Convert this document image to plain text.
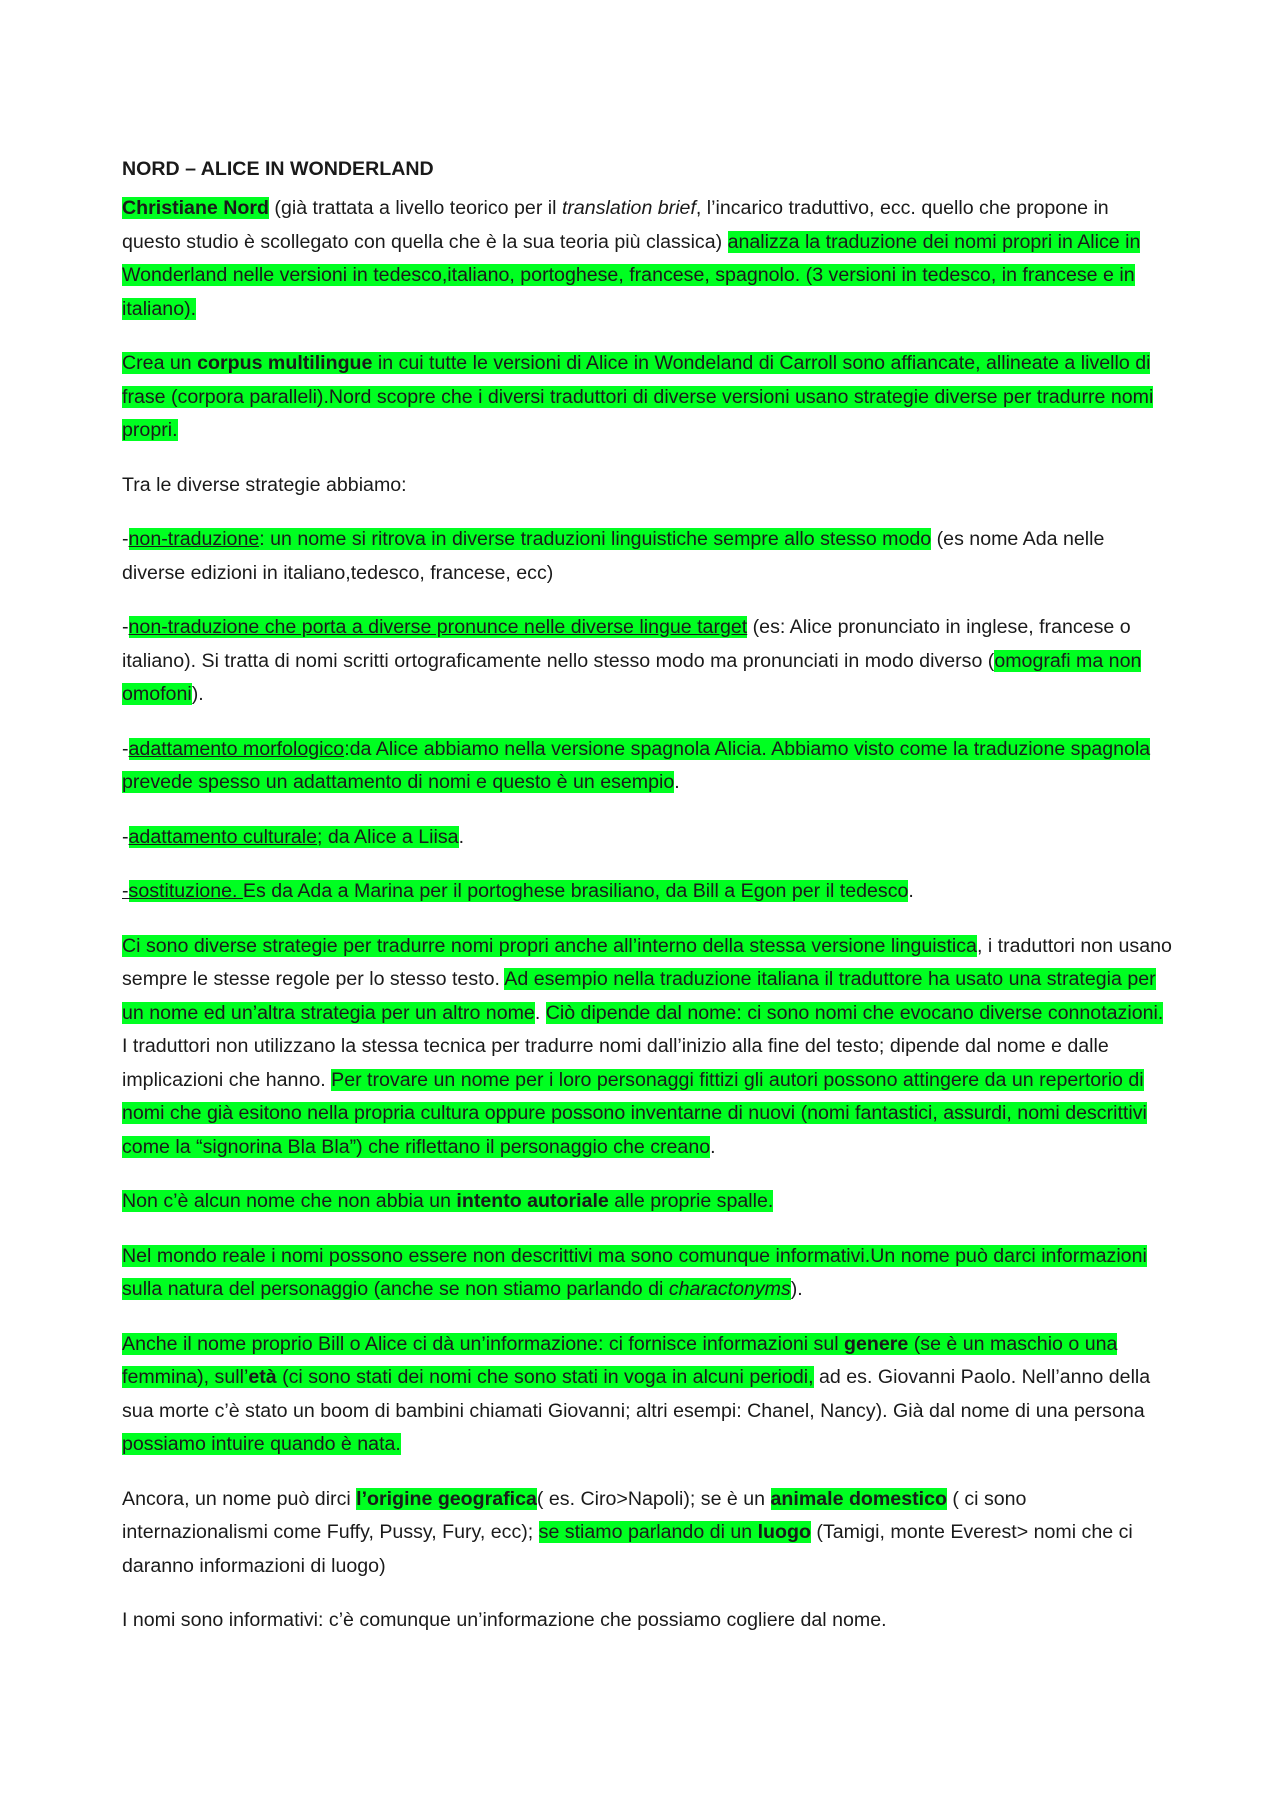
NORD – ALICE IN WONDERLAND

Christiane Nord (già trattata a livello teorico per il translation brief, l’incarico traduttivo, ecc. quello che propone in questo studio è scollegato con quella che è la sua teoria più classica) analizza la traduzione dei nomi propri in Alice in Wonderland nelle versioni in tedesco,italiano, portoghese, francese, spagnolo. (3 versioni in tedesco, in francese e in italiano).

Crea un corpus multilingue in cui tutte le versioni di Alice in Wondeland di Carroll sono affiancate, allineate a livello di frase (corpora paralleli).Nord scopre che i diversi traduttori di diverse versioni usano strategie diverse per tradurre nomi propri.

Tra le diverse strategie abbiamo:

-non-traduzione: un nome si ritrova in diverse traduzioni linguistiche sempre allo stesso modo (es nome Ada nelle diverse edizioni in italiano,tedesco, francese, ecc)

-non-traduzione che porta a diverse pronunce nelle diverse lingue target (es: Alice pronunciato in inglese, francese o italiano). Si tratta di nomi scritti ortograficamente nello stesso modo ma pronunciati in modo diverso (omografi ma non omofoni).

-adattamento morfologico:da Alice abbiamo nella versione spagnola Alicia. Abbiamo visto come la traduzione spagnola prevede spesso un adattamento di nomi e questo è un esempio.

-adattamento culturale; da Alice a Liisa.

-sostituzione. Es da Ada a Marina per il portoghese brasiliano, da Bill a Egon per il tedesco.

Ci sono diverse strategie per tradurre nomi propri anche all’interno della stessa versione linguistica, i traduttori non usano sempre le stesse regole per lo stesso testo. Ad esempio nella traduzione italiana il traduttore ha usato una strategia per un nome ed un’altra strategia per un altro nome. Ciò dipende dal nome: ci sono nomi che evocano diverse connotazioni. I traduttori non utilizzano la stessa tecnica per tradurre nomi dall’inizio alla fine del testo; dipende dal nome e dalle implicazioni che hanno. Per trovare un nome per i loro personaggi fittizi gli autori possono attingere da un repertorio di nomi che già esitono nella propria cultura oppure possono inventarne di nuovi (nomi fantastici, assurdi, nomi descrittivi come la “signorina Bla Bla”) che riflettano il personaggio che creano.

Non c’è alcun nome che non abbia un intento autoriale alle proprie spalle.

Nel mondo reale i nomi possono essere non descrittivi ma sono comunque informativi.Un nome può darci informazioni sulla natura del personaggio (anche se non stiamo parlando di charactonyms).

Anche il nome proprio Bill o Alice ci dà un’informazione: ci fornisce informazioni sul genere (se è un maschio o una femmina), sull’età (ci sono stati dei nomi che sono stati in voga in alcuni periodi, ad es. Giovanni Paolo. Nell’anno della sua morte c’è stato un boom di bambini chiamati Giovanni; altri esempi: Chanel, Nancy). Già dal nome di una persona possiamo intuire quando è nata.

Ancora, un nome può dirci l’origine geografica( es. Ciro>Napoli); se è un animale domestico ( ci sono internazionalismi come Fuffy, Pussy, Fury, ecc); se stiamo parlando di un luogo (Tamigi, monte Everest> nomi che ci daranno informazioni di luogo)

I nomi sono informativi: c’è comunque un’informazione che possiamo cogliere dal nome.
